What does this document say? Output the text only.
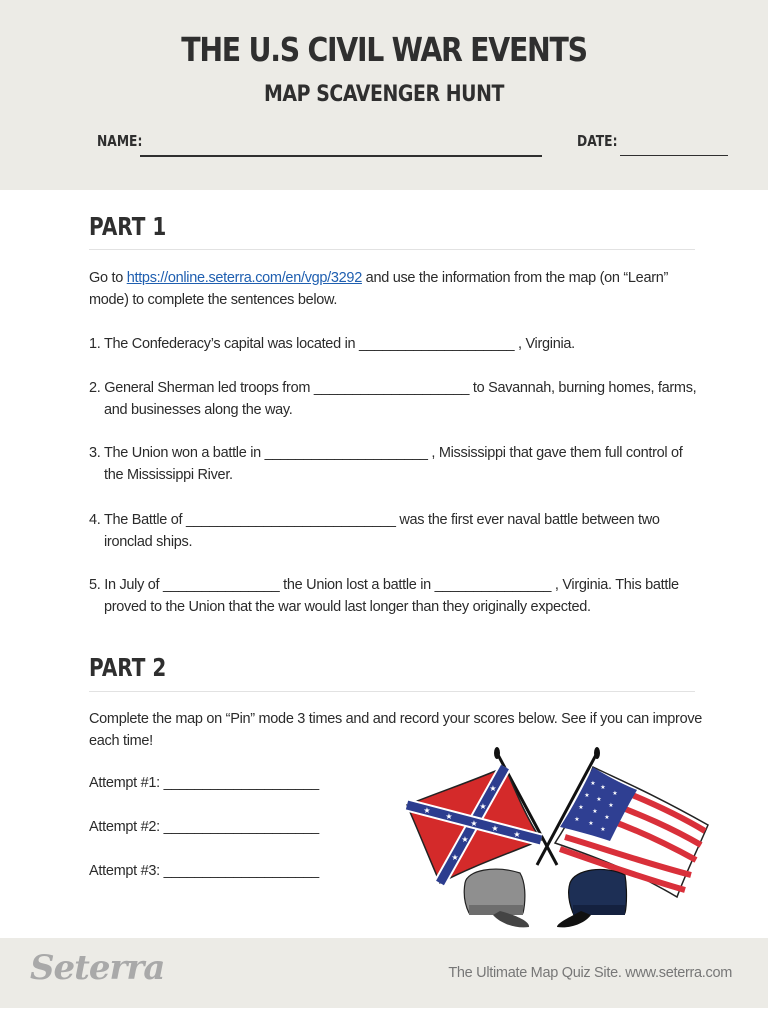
THE U.S CIVIL WAR EVENTS
MAP SCAVENGER HUNT
NAME:	DATE:
PART 1
Go to https://online.seterra.com/en/vgp/3292 and use the information from the map (on “Learn” mode) to complete the sentences below.
1. The Confederacy’s capital was located in ____________________ , Virginia.
2. General Sherman led troops from ____________________ to Savannah, burning homes, farms, and businesses along the way.
3. The Union won a battle in _____________________ , Mississippi that gave them full control of the Mississippi River.
4. The Battle of ___________________________ was the first ever naval battle between two ironclad ships.
5. In July of _______________ the Union lost a battle in _______________ , Virginia. This battle proved to the Union that the war would last longer than they originally expected.
PART 2
Complete the map on “Pin” mode 3 times and and record your scores below. See if you can improve each time!
Attempt #1: ____________________
Attempt #2: ____________________
Attempt #3: ____________________
★
★
★
★
★
★
★
★
★
★
★
★
★
★
★
★
★
★
★
★
★
Seterra	The Ultimate Map Quiz Site. www.seterra.com
